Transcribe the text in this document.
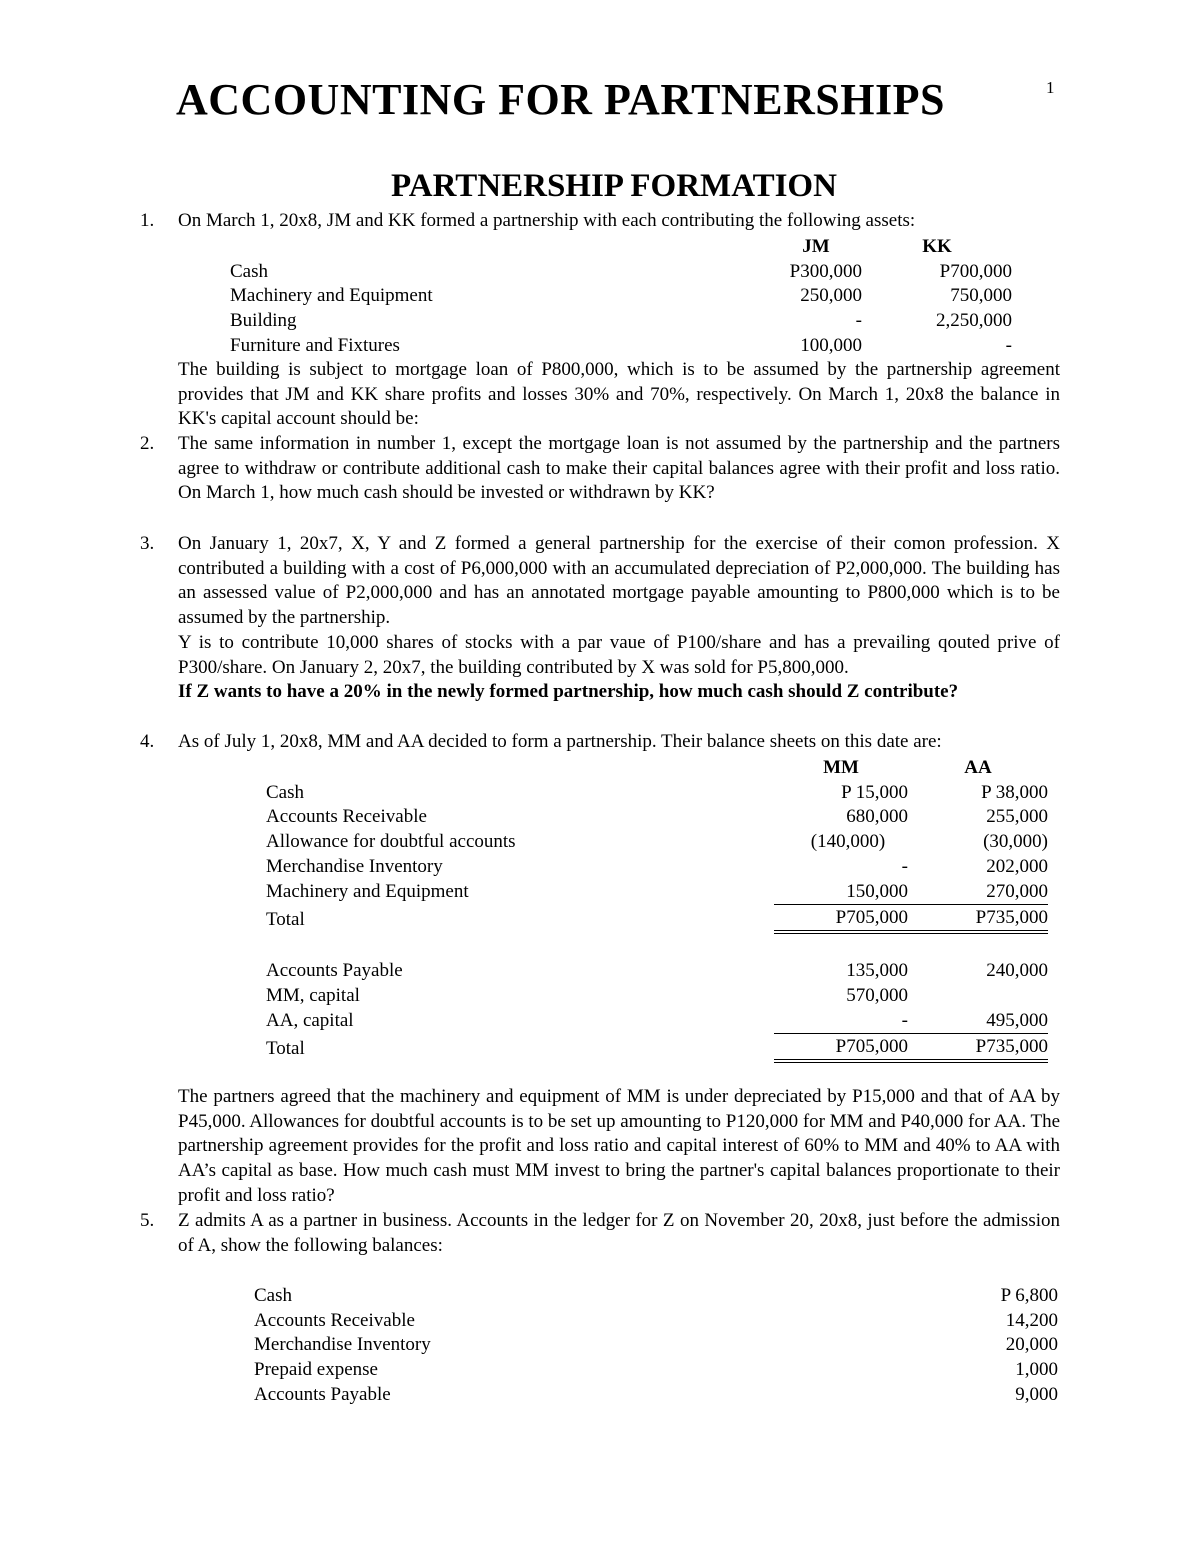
ACCOUNTING FOR PARTNERSHIPS	1
PARTNERSHIP FORMATION
1. On March 1, 20x8, JM and KK formed a partnership with each contributing the following assets:
	JM	KK
Cash	P300,000	P700,000
Machinery and Equipment	250,000	750,000
Building	-	2,250,000
Furniture and Fixtures	100,000	-
The building is subject to mortgage loan of P800,000, which is to be assumed by the partnership agreement provides that JM and KK share profits and losses 30% and 70%, respectively. On March 1, 20x8 the balance in KK's capital account should be:
2. The same information in number 1, except the mortgage loan is not assumed by the partnership and the partners agree to withdraw or contribute additional cash to make their capital balances agree with their profit and loss ratio. On March 1, how much cash should be invested or withdrawn by KK?
3. On January 1, 20x7, X, Y and Z formed a general partnership for the exercise of their comon profession. X contributed a building with a cost of P6,000,000 with an accumulated depreciation of P2,000,000. The building has an assessed value of P2,000,000 and has an annotated mortgage payable amounting to P800,000 which is to be assumed by the partnership.
Y is to contribute 10,000 shares of stocks with a par vaue of P100/share and has a prevailing qouted prive of P300/share. On January 2, 20x7, the building contributed by X was sold for P5,800,000.
If Z wants to have a 20% in the newly formed partnership, how much cash should Z contribute?
4. As of July 1, 20x8, MM and AA decided to form a partnership. Their balance sheets on this date are:
	MM	AA
Cash	P 15,000	P 38,000
Accounts Receivable	680,000	255,000
Allowance for doubtful accounts	(140,000)	(30,000)
Merchandise Inventory	-	202,000
Machinery and Equipment	150,000	270,000
Total	P705,000	P735,000

Accounts Payable	135,000	240,000
MM, capital	570,000	
AA, capital	-	495,000
Total	P705,000	P735,000
The partners agreed that the machinery and equipment of MM is under depreciated by P15,000 and that of AA by P45,000. Allowances for doubtful accounts is to be set up amounting to P120,000 for MM and P40,000 for AA. The partnership agreement provides for the profit and loss ratio and capital interest of 60% to MM and 40% to AA with AA’s capital as base. How much cash must MM invest to bring the partner's capital balances proportionate to their profit and loss ratio?
5. Z admits A as a partner in business. Accounts in the ledger for Z on November 20, 20x8, just before the admission of A, show the following balances:
Cash	P 6,800
Accounts Receivable	14,200
Merchandise Inventory	20,000
Prepaid expense	1,000
Accounts Payable	9,000
